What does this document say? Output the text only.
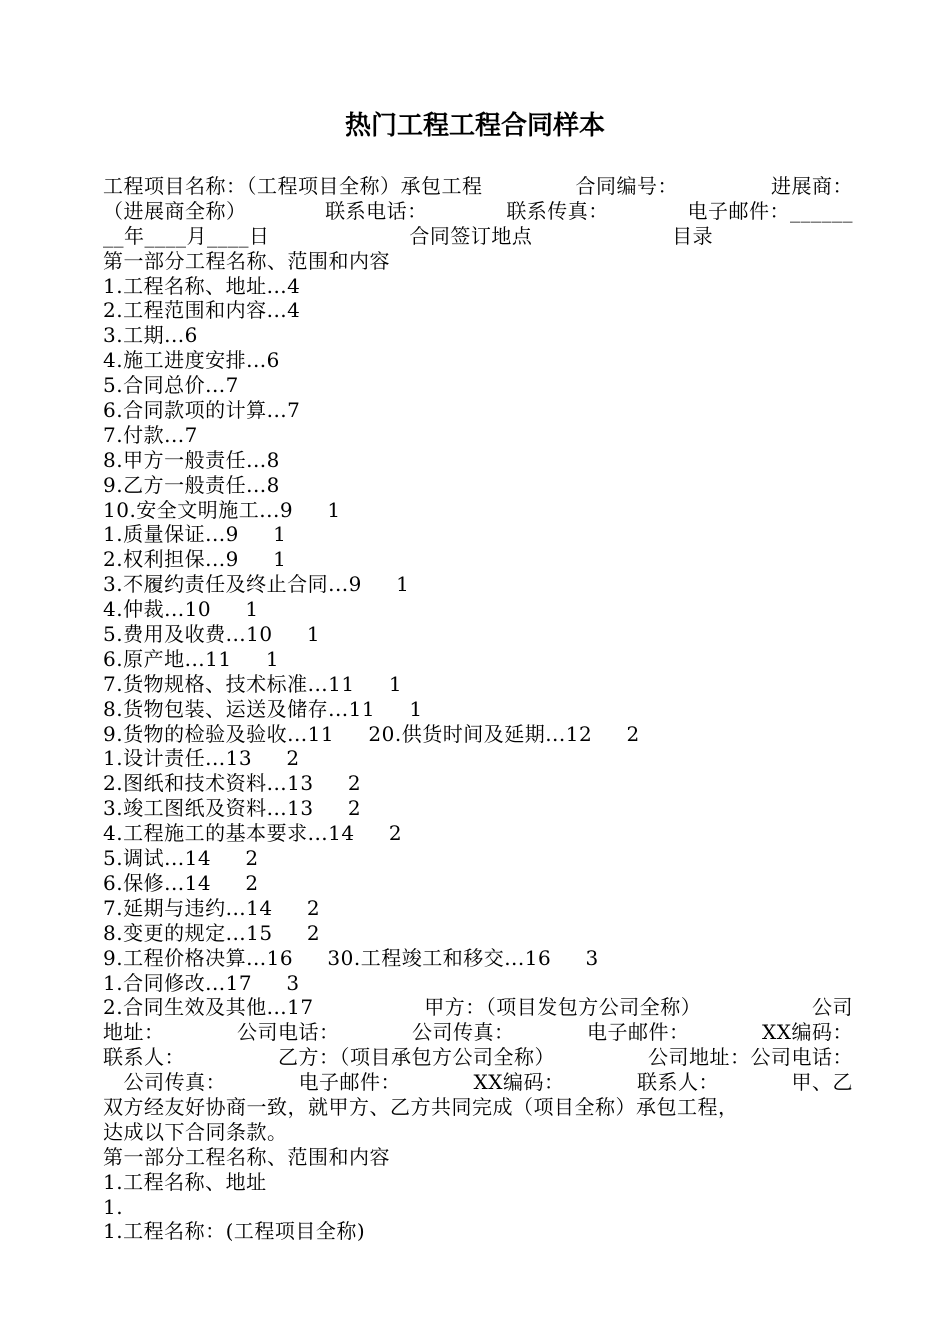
热门工程工程合同样本
工程项目名称：（工程项目全称）承包工程	合同编号：	进展商：
（进展商全称）	联系电话：	联系传真：	电子邮件：______
__年____月____日	合同签订地点	目录
第一部分工程名称、范围和内容
1.工程名称、地址...4
2.工程范围和内容...4
3.工期...6
4.施工进度安排...6
5.合同总价...7
6.合同款项的计算...7
7.付款...7
8.甲方一般责任...8
9.乙方一般责任...8
10.安全文明施工...9     1
1.质量保证...9     1
2.权利担保...9     1
3.不履约责任及终止合同...9     1
4.仲裁...10     1
5.费用及收费...10     1
6.原产地...11     1
7.货物规格、技术标准...11     1
8.货物包装、运送及储存...11     1
9.货物的检验及验收...11     20.供货时间及延期...12     2
1.设计责任...13     2
2.图纸和技术资料...13     2
3.竣工图纸及资料...13     2
4.工程施工的基本要求...14     2
5.调试...14     2
6.保修...14     2
7.延期与违约...14     2
8.变更的规定...15     2
9.工程价格决算...16     30.工程竣工和移交...16     3
1.合同修改...17     3
2.合同生效及其他...17	甲方：（项目发包方公司全称）	公司
地址：	公司电话：	公司传真：	电子邮件：	XX编码：
联系人：	乙方：（项目承包方公司全称）	公司地址：公司电话：
公司传真：	电子邮件：	XX编码：	联系人：	甲、乙
双方经友好协商一致，就甲方、乙方共同完成（项目全称）承包工程，
达成以下合同条款。
第一部分工程名称、范围和内容
1.工程名称、地址
1.
1.工程名称：(工程项目全称)
